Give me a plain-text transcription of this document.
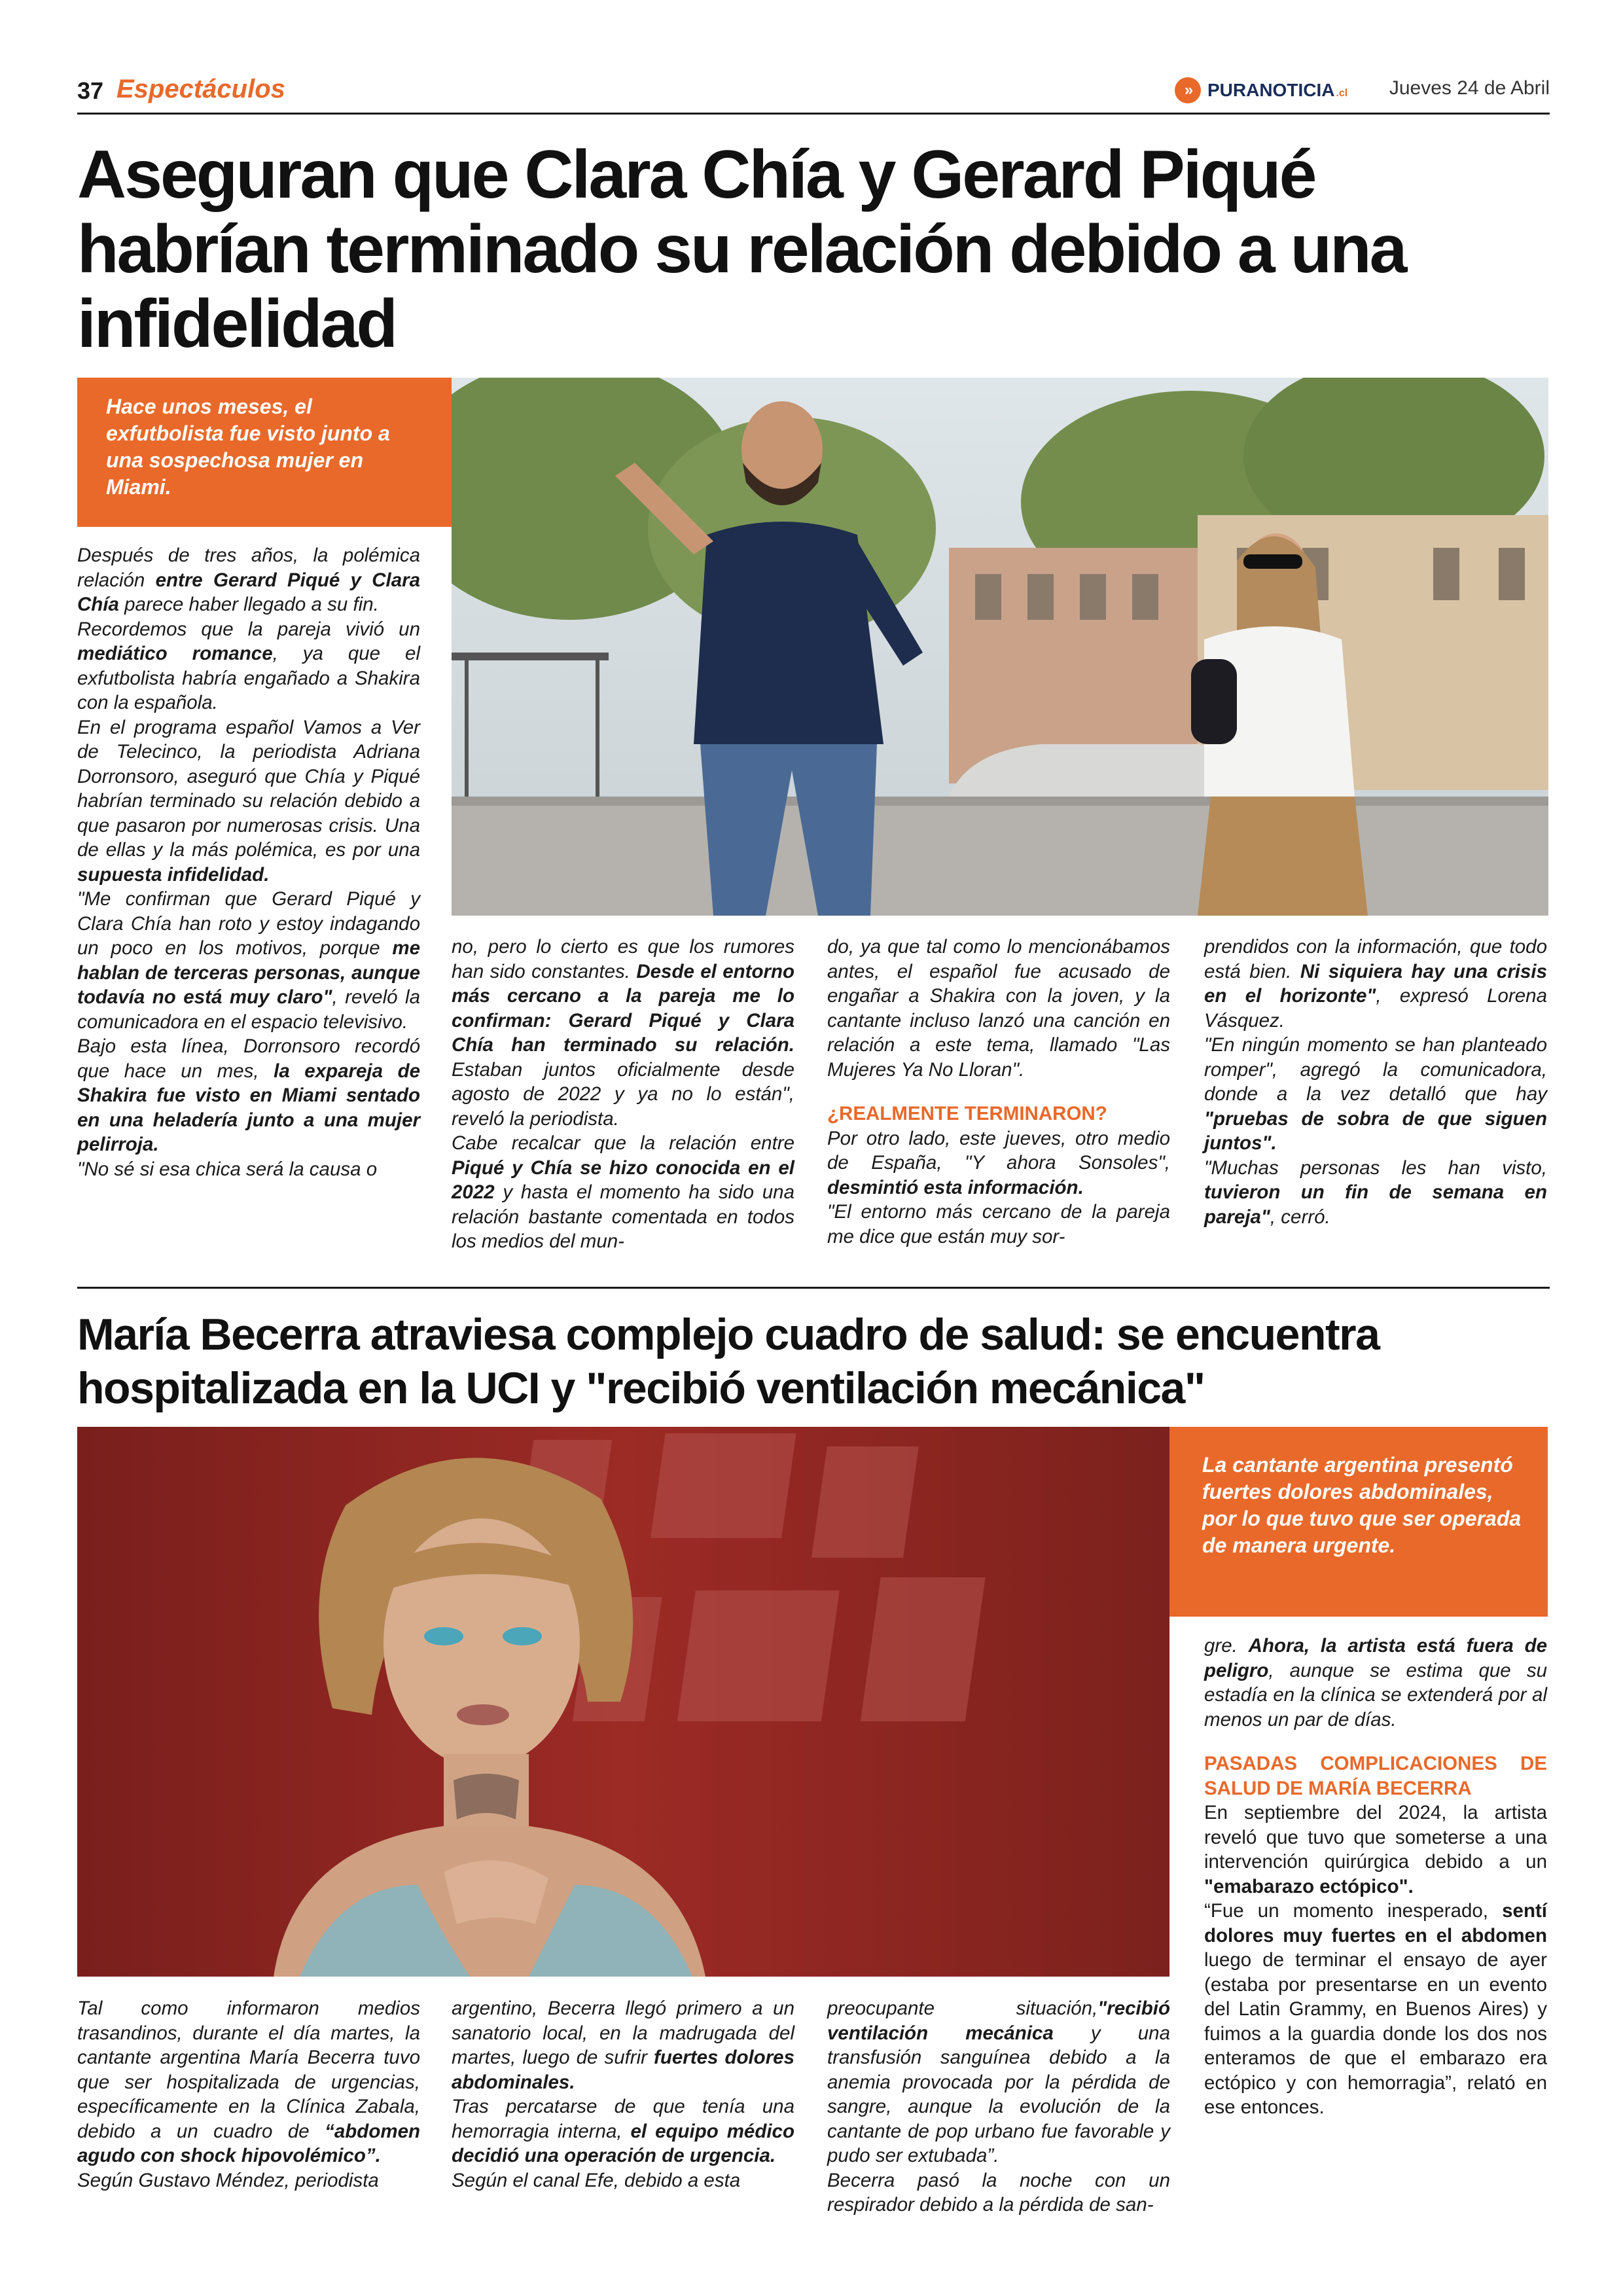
37 Espectáculos	» PURANOTICIA .cl Jueves 24 de Abril
Aseguran que Clara Chía y Gerard Piqué habrían terminado su relación debido a una infidelidad
Hace unos meses, el exfutbolista fue visto junto a una sospechosa mujer en Miami.

Después de tres años, la polémica relación entre Gerard Piqué y Clara Chía parece haber llegado a su fin.

Recordemos que la pareja vivió un mediático romance, ya que el exfutbolista habría engañado a Shakira con la española.

En el programa español Vamos a Ver de Telecinco, la periodista Adriana Dorronsoro, aseguró que Chía y Piqué habrían terminado su relación debido a que pasaron por numerosas crisis. Una de ellas y la más polémica, es por una supuesta infidelidad.

"Me confirman que Gerard Piqué y Clara Chía han roto y estoy indagando un poco en los motivos, porque me hablan de terceras personas, aunque todavía no está muy claro", reveló la comunicadora en el espacio televisivo.

Bajo esta línea, Dorronsoro recordó que hace un mes, la expareja de Shakira fue visto en Miami sentado en una heladería junto a una mujer pelirroja.

"No sé si esa chica será la causa o

no, pero lo cierto es que los rumores han sido constantes. Desde el entorno más cercano a la pareja me lo confirman: Gerard Piqué y Clara Chía han terminado su relación. Estaban juntos oficialmente desde agosto de 2022 y ya no lo están", reveló la periodista.

Cabe recalcar que la relación entre Piqué y Chía se hizo conocida en el 2022 y hasta el momento ha sido una relación bastante comentada en todos los medios del mun-

do, ya que tal como lo mencionábamos antes, el español fue acusado de engañar a Shakira con la joven, y la cantante incluso lanzó una canción en relación a este tema, llamado "Las Mujeres Ya No Lloran".

¿REALMENTE TERMINARON?

Por otro lado, este jueves, otro medio de España, "Y ahora Sonsoles", desmintió esta información.

"El entorno más cercano de la pareja me dice que están muy sor-

prendidos con la información, que todo está bien. Ni siquiera hay una crisis en el horizonte", expresó Lorena Vásquez.

"En ningún momento se han planteado romper", agregó la comunicadora, donde a la vez detalló que hay "pruebas de sobra de que siguen juntos".

"Muchas personas les han visto, tuvieron un fin de semana en pareja", cerró.

María Becerra atraviesa complejo cuadro de salud: se encuentra hospitalizada en la UCI y "recibió ventilación mecánica"
La cantante argentina presentó fuertes dolores abdominales, por lo que tuvo que ser operada de manera urgente.

gre. Ahora, la artista está fuera de peligro, aunque se estima que su estadía en la clínica se extenderá por al menos un par de días.

PASADAS COMPLICACIONES DE SALUD DE MARÍA BECERRA

En septiembre del 2024, la artista reveló que tuvo que someterse a una intervención quirúrgica debido a un "emabarazo ectópico".

“Fue un momento inesperado, sentí dolores muy fuertes en el abdomen luego de terminar el ensayo de ayer (estaba por presentarse en un evento del Latin Grammy, en Buenos Aires) y fuimos a la guardia donde los dos nos enteramos de que el embarazo era ectópico y con hemorragia”, relató en ese entonces.

Tal como informaron medios trasandinos, durante el día martes, la cantante argentina María Becerra tuvo que ser hospitalizada de urgencias, específicamente en la Clínica Zabala, debido a un cuadro de “abdomen agudo con shock hipovolémico”.

Según Gustavo Méndez, periodista

argentino, Becerra llegó primero a un sanatorio local, en la madrugada del martes, luego de sufrir fuertes dolores abdominales.

Tras percatarse de que tenía una hemorragia interna, el equipo médico decidió una operación de urgencia.

Según el canal Efe, debido a esta

preocupante situación,"recibió ventilación mecánica y una transfusión sanguínea debido a la anemia provocada por la pérdida de sangre, aunque la evolución de la cantante de pop urbano fue favorable y pudo ser extubada”.

Becerra pasó la noche con un respirador debido a la pérdida de san-
